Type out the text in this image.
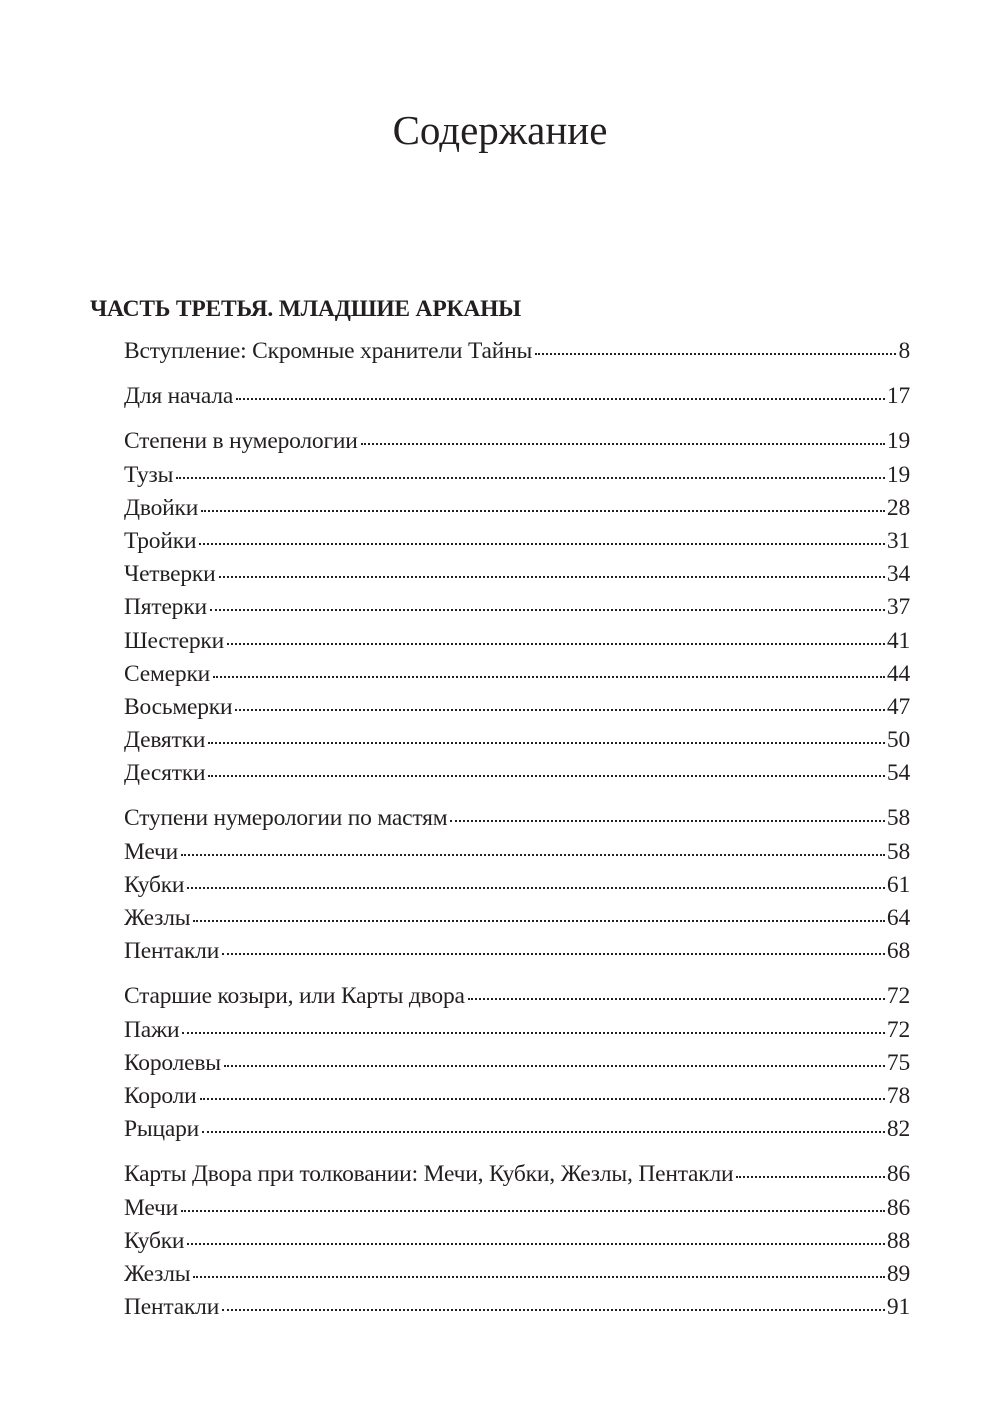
Содержание
ЧАСТЬ ТРЕТЬЯ. МЛАДШИЕ АРКАНЫ
Вступление: Скромные хранители Тайны	8
Для начала	17
Степени в нумерологии	19
Тузы	19
Двойки	28
Тройки	31
Четверки	34
Пятерки	37
Шестерки	41
Семерки	44
Восьмерки	47
Девятки	50
Десятки	54
Ступени нумерологии по мастям	58
Мечи	58
Кубки	61
Жезлы	64
Пентакли	68
Старшие козыри, или Карты двора	72
Пажи	72
Королевы	75
Короли	78
Рыцари	82
Карты Двора при толковании: Мечи, Кубки, Жезлы, Пентакли	86
Мечи	86
Кубки	88
Жезлы	89
Пентакли	91
